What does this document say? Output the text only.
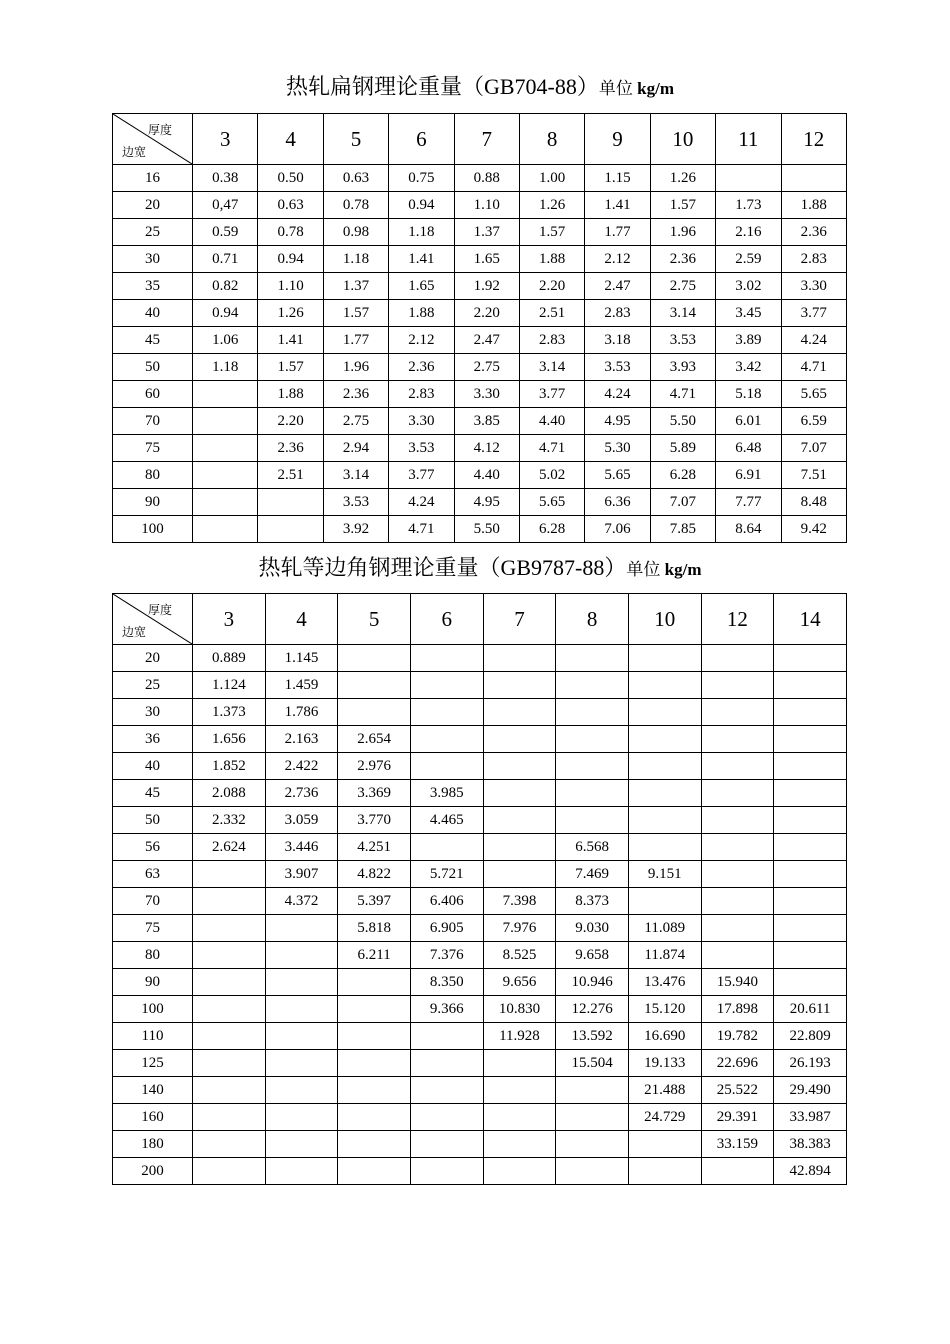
热轧扁钢理论重量（GB704-88）单位 kg/m
厚度
边宽	3	4	5	6	7	8	9	10	11	12
16	0.38	0.50	0.63	0.75	0.88	1.00	1.15	1.26		
20	0,47	0.63	0.78	0.94	1.10	1.26	1.41	1.57	1.73	1.88
25	0.59	0.78	0.98	1.18	1.37	1.57	1.77	1.96	2.16	2.36
30	0.71	0.94	1.18	1.41	1.65	1.88	2.12	2.36	2.59	2.83
35	0.82	1.10	1.37	1.65	1.92	2.20	2.47	2.75	3.02	3.30
40	0.94	1.26	1.57	1.88	2.20	2.51	2.83	3.14	3.45	3.77
45	1.06	1.41	1.77	2.12	2.47	2.83	3.18	3.53	3.89	4.24
50	1.18	1.57	1.96	2.36	2.75	3.14	3.53	3.93	3.42	4.71
60		1.88	2.36	2.83	3.30	3.77	4.24	4.71	5.18	5.65
70		2.20	2.75	3.30	3.85	4.40	4.95	5.50	6.01	6.59
75		2.36	2.94	3.53	4.12	4.71	5.30	5.89	6.48	7.07
80		2.51	3.14	3.77	4.40	5.02	5.65	6.28	6.91	7.51
90			3.53	4.24	4.95	5.65	6.36	7.07	7.77	8.48
100			3.92	4.71	5.50	6.28	7.06	7.85	8.64	9.42
热轧等边角钢理论重量（GB9787-88）单位 kg/m
厚度
边宽	3	4	5	6	7	8	10	12	14
20	0.889	1.145							
25	1.124	1.459							
30	1.373	1.786							
36	1.656	2.163	2.654						
40	1.852	2.422	2.976						
45	2.088	2.736	3.369	3.985					
50	2.332	3.059	3.770	4.465					
56	2.624	3.446	4.251			6.568			
63		3.907	4.822	5.721		7.469	9.151		
70		4.372	5.397	6.406	7.398	8.373			
75			5.818	6.905	7.976	9.030	11.089		
80			6.211	7.376	8.525	9.658	11.874		
90				8.350	9.656	10.946	13.476	15.940	
100				9.366	10.830	12.276	15.120	17.898	20.611
110					11.928	13.592	16.690	19.782	22.809
125						15.504	19.133	22.696	26.193
140							21.488	25.522	29.490
160							24.729	29.391	33.987
180								33.159	38.383
200									42.894
